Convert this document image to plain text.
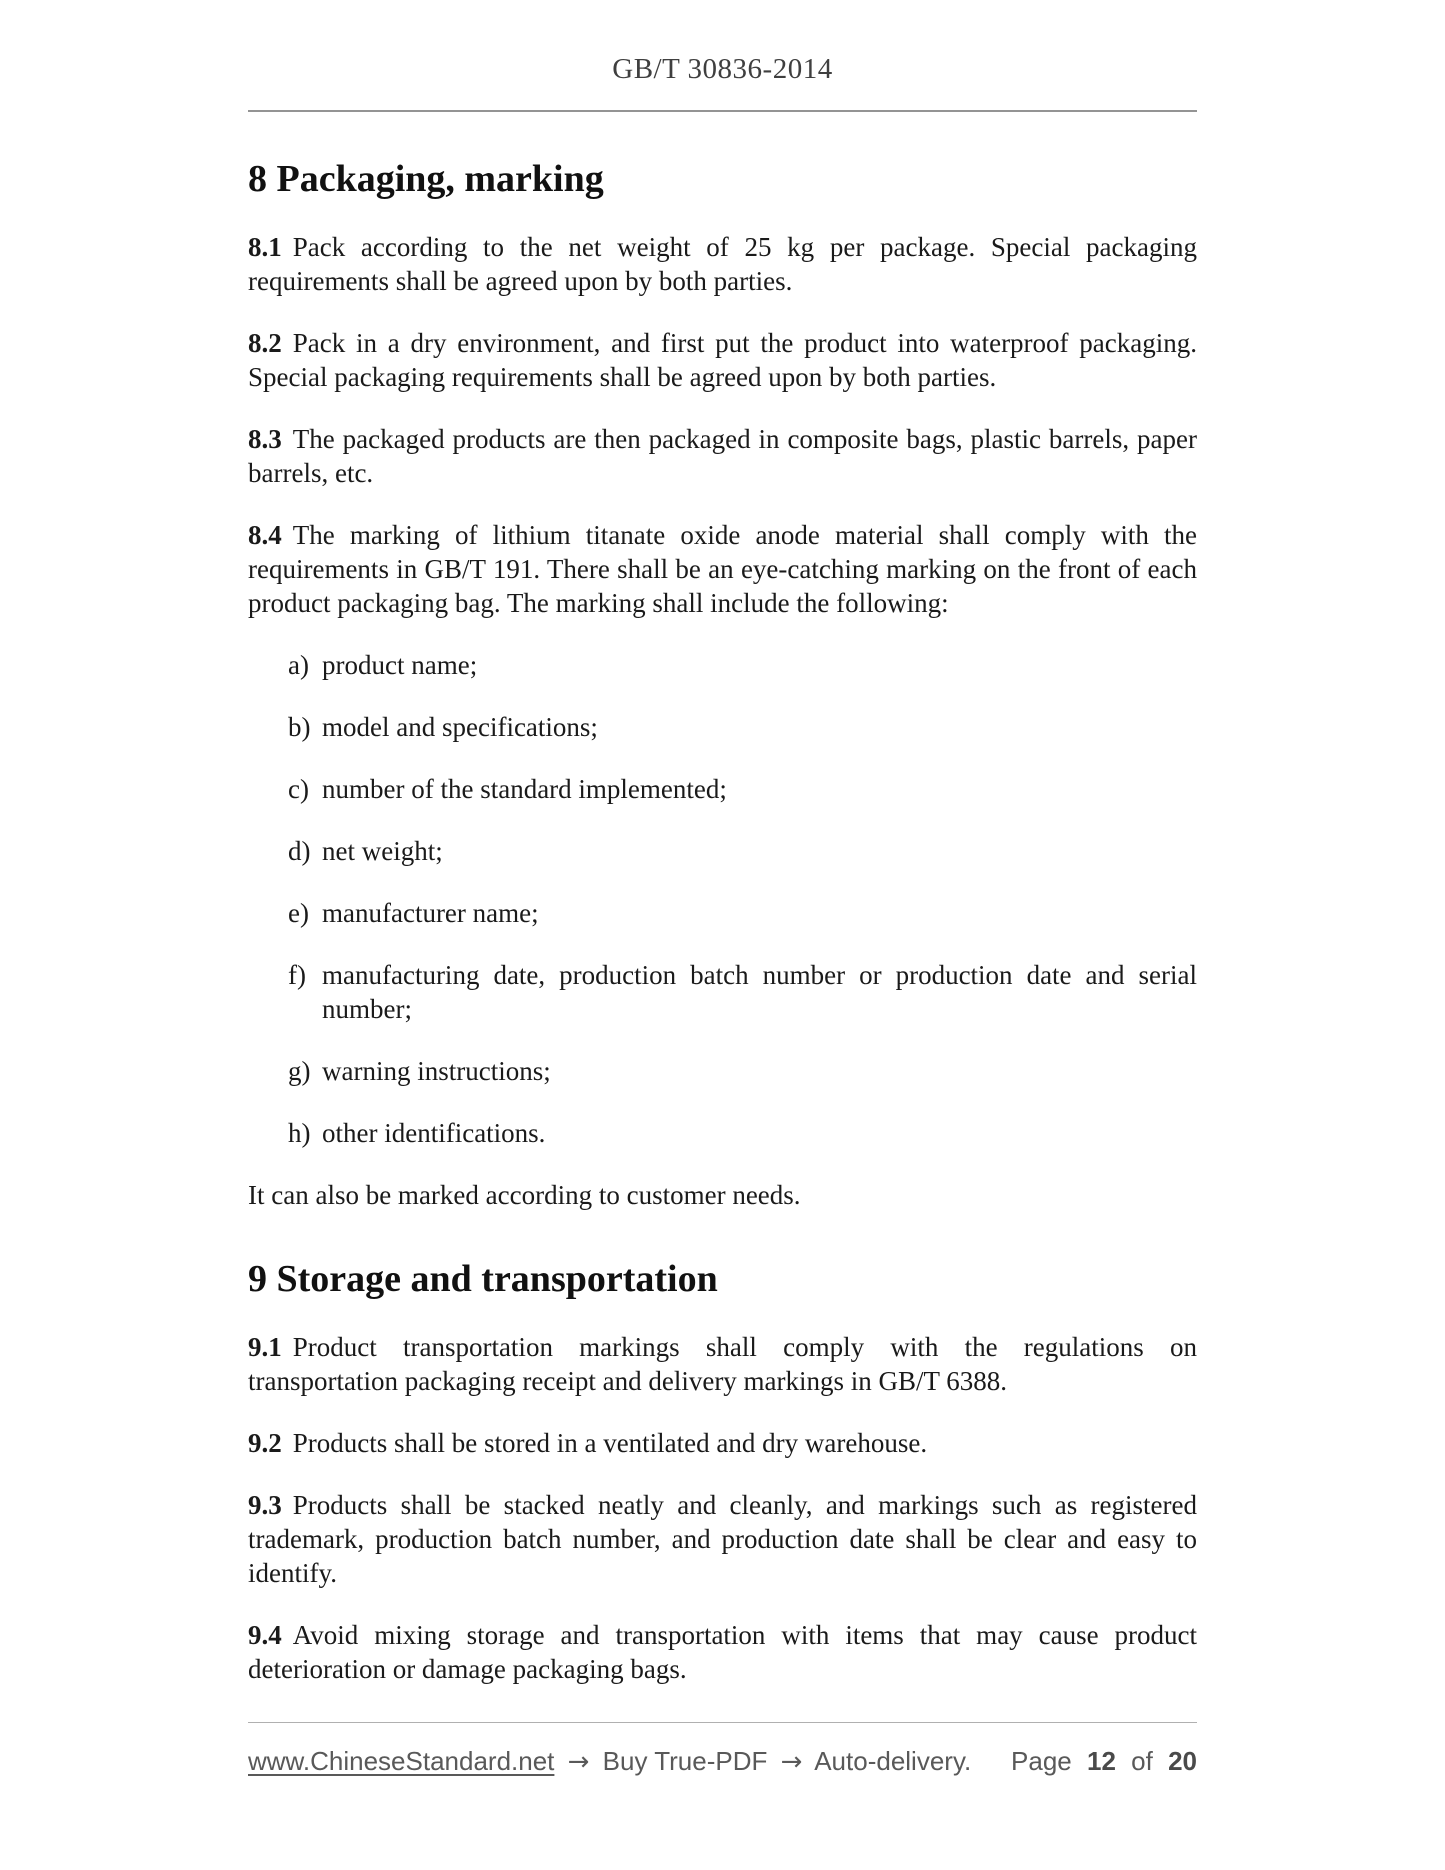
GB/T 30836-2014
8 Packaging, marking

8.1 Pack according to the net weight of 25 kg per package. Special packaging requirements shall be agreed upon by both parties.

8.2 Pack in a dry environment, and first put the product into waterproof packaging. Special packaging requirements shall be agreed upon by both parties.

8.3 The packaged products are then packaged in composite bags, plastic barrels, paper barrels, etc.

8.4 The marking of lithium titanate oxide anode material shall comply with the requirements in GB/T 191. There shall be an eye-catching marking on the front of each product packaging bag. The marking shall include the following:

a) product name;

b) model and specifications;

c) number of the standard implemented;

d) net weight;

e) manufacturer name;

f) manufacturing date, production batch number or production date and serial number;

g) warning instructions;

h) other identifications.

It can also be marked according to customer needs.

9 Storage and transportation

9.1 Product transportation markings shall comply with the regulations on transportation packaging receipt and delivery markings in GB/T 6388.

9.2 Products shall be stored in a ventilated and dry warehouse.

9.3 Products shall be stacked neatly and cleanly, and markings such as registered trademark, production batch number, and production date shall be clear and easy to identify.

9.4 Avoid mixing storage and transportation with items that may cause product deterioration or damage packaging bags.

www.ChineseStandard.net → Buy True-PDF → Auto-delivery.	Page 12 of 20
